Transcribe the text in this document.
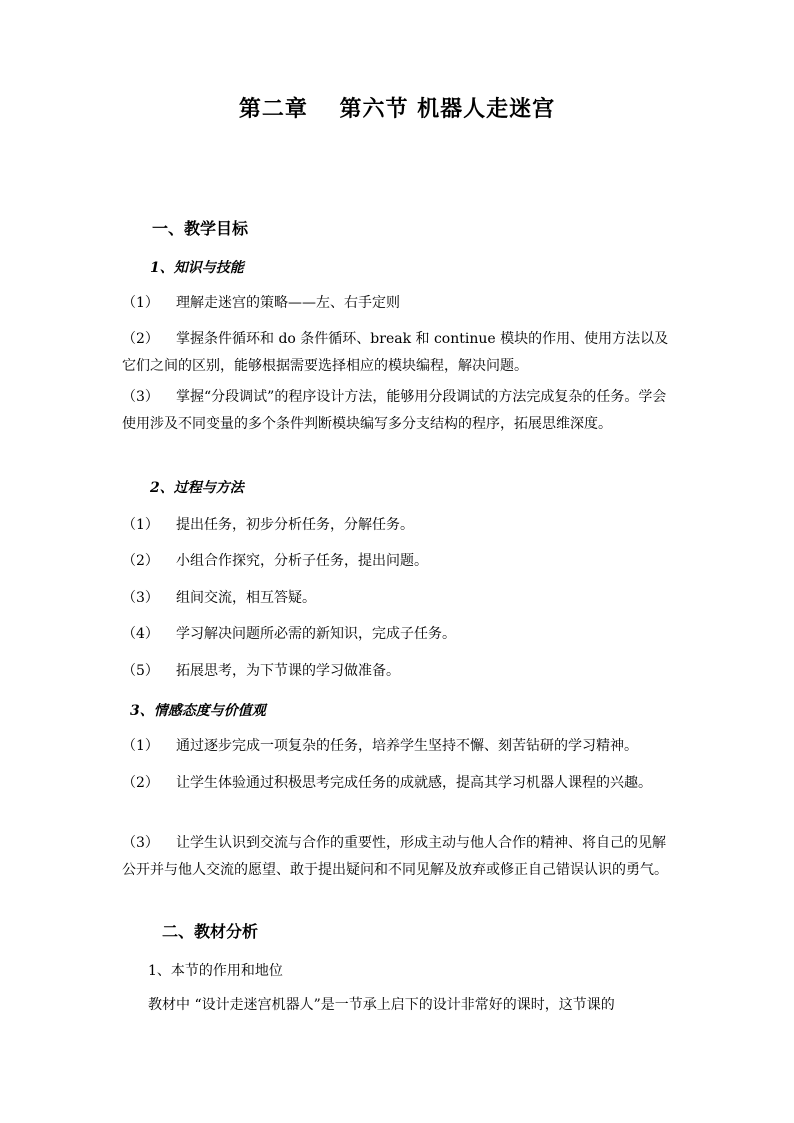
第二章　 第六节 机器人走迷宫
一、教学目标
1、知识与技能
（1） 理解走迷宫的策略——左、右手定则
（2） 掌握条件循环和 do 条件循环、break 和 continue 模块的作用、使用方法以及它们之间的区别，能够根据需要选择相应的模块编程，解决问题。
（3） 掌握“分段调试”的程序设计方法，能够用分段调试的方法完成复杂的任务。学会使用涉及不同变量的多个条件判断模块编写多分支结构的程序，拓展思维深度。
2、过程与方法
（1） 提出任务，初步分析任务，分解任务。
（2） 小组合作探究，分析子任务，提出问题。
（3） 组间交流，相互答疑。
（4） 学习解决问题所必需的新知识，完成子任务。
（5） 拓展思考，为下节课的学习做准备。
3、情感态度与价值观
（1） 通过逐步完成一项复杂的任务，培养学生坚持不懈、刻苦钻研的学习精神。
（2） 让学生体验通过积极思考完成任务的成就感，提高其学习机器人课程的兴趣。
（3） 让学生认识到交流与合作的重要性，形成主动与他人合作的精神、将自己的见解公开并与他人交流的愿望、敢于提出疑问和不同见解及放弃或修正自己错误认识的勇气。
二、教材分析
1、本节的作用和地位
教材中 “设计走迷宫机器人”是一节承上启下的设计非常好的课时，这节课的
